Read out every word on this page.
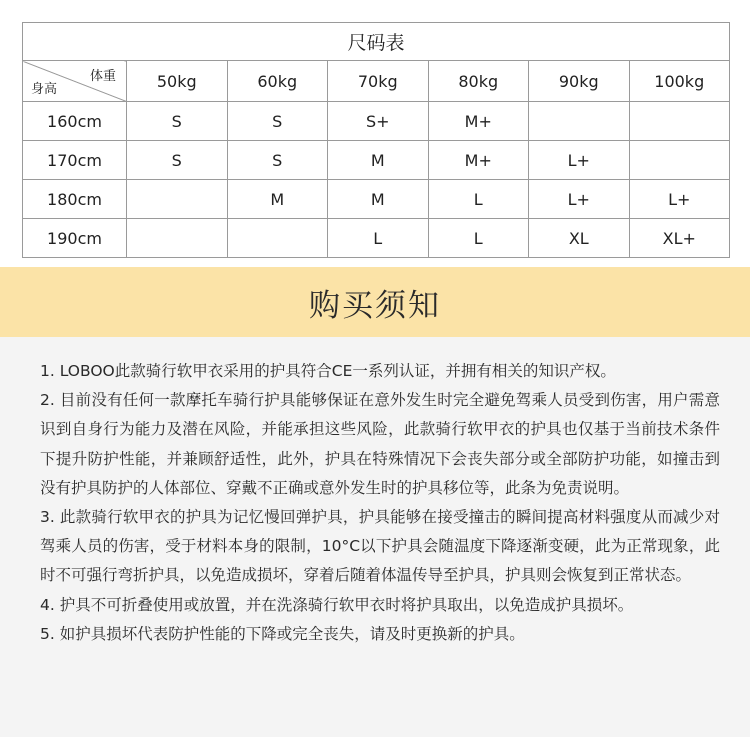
尺码表						

体重
身高	50kg	60kg	70kg	80kg	90kg	100kg
160cm	S	S	S+	M+		
170cm	S	S	M	M+	L+	
180cm		M	M	L	L+	L+
190cm			L	L	XL	XL+
购买须知
1. LOBOO此款骑行软甲衣采用的护具符合CE一系列认证，并拥有相关的知识产权。
2. 目前没有任何一款摩托车骑行护具能够保证在意外发生时完全避免驾乘人员受到伤害，用户需意识到自身行为能力及潜在风险，并能承担这些风险，此款骑行软甲衣的护具也仅基于当前技术条件下提升防护性能，并兼顾舒适性，此外，护具在特殊情况下会丧失部分或全部防护功能，如撞击到没有护具防护的人体部位、穿戴不正确或意外发生时的护具移位等，此条为免责说明。
3. 此款骑行软甲衣的护具为记忆慢回弹护具，护具能够在接受撞击的瞬间提高材料强度从而减少对驾乘人员的伤害，受于材料本身的限制，10°C以下护具会随温度下降逐渐变硬，此为正常现象，此时不可强行弯折护具，以免造成损坏，穿着后随着体温传导至护具，护具则会恢复到正常状态。
4. 护具不可折叠使用或放置，并在洗涤骑行软甲衣时将护具取出，以免造成护具损坏。
5. 如护具损坏代表防护性能的下降或完全丧失，请及时更换新的护具。
